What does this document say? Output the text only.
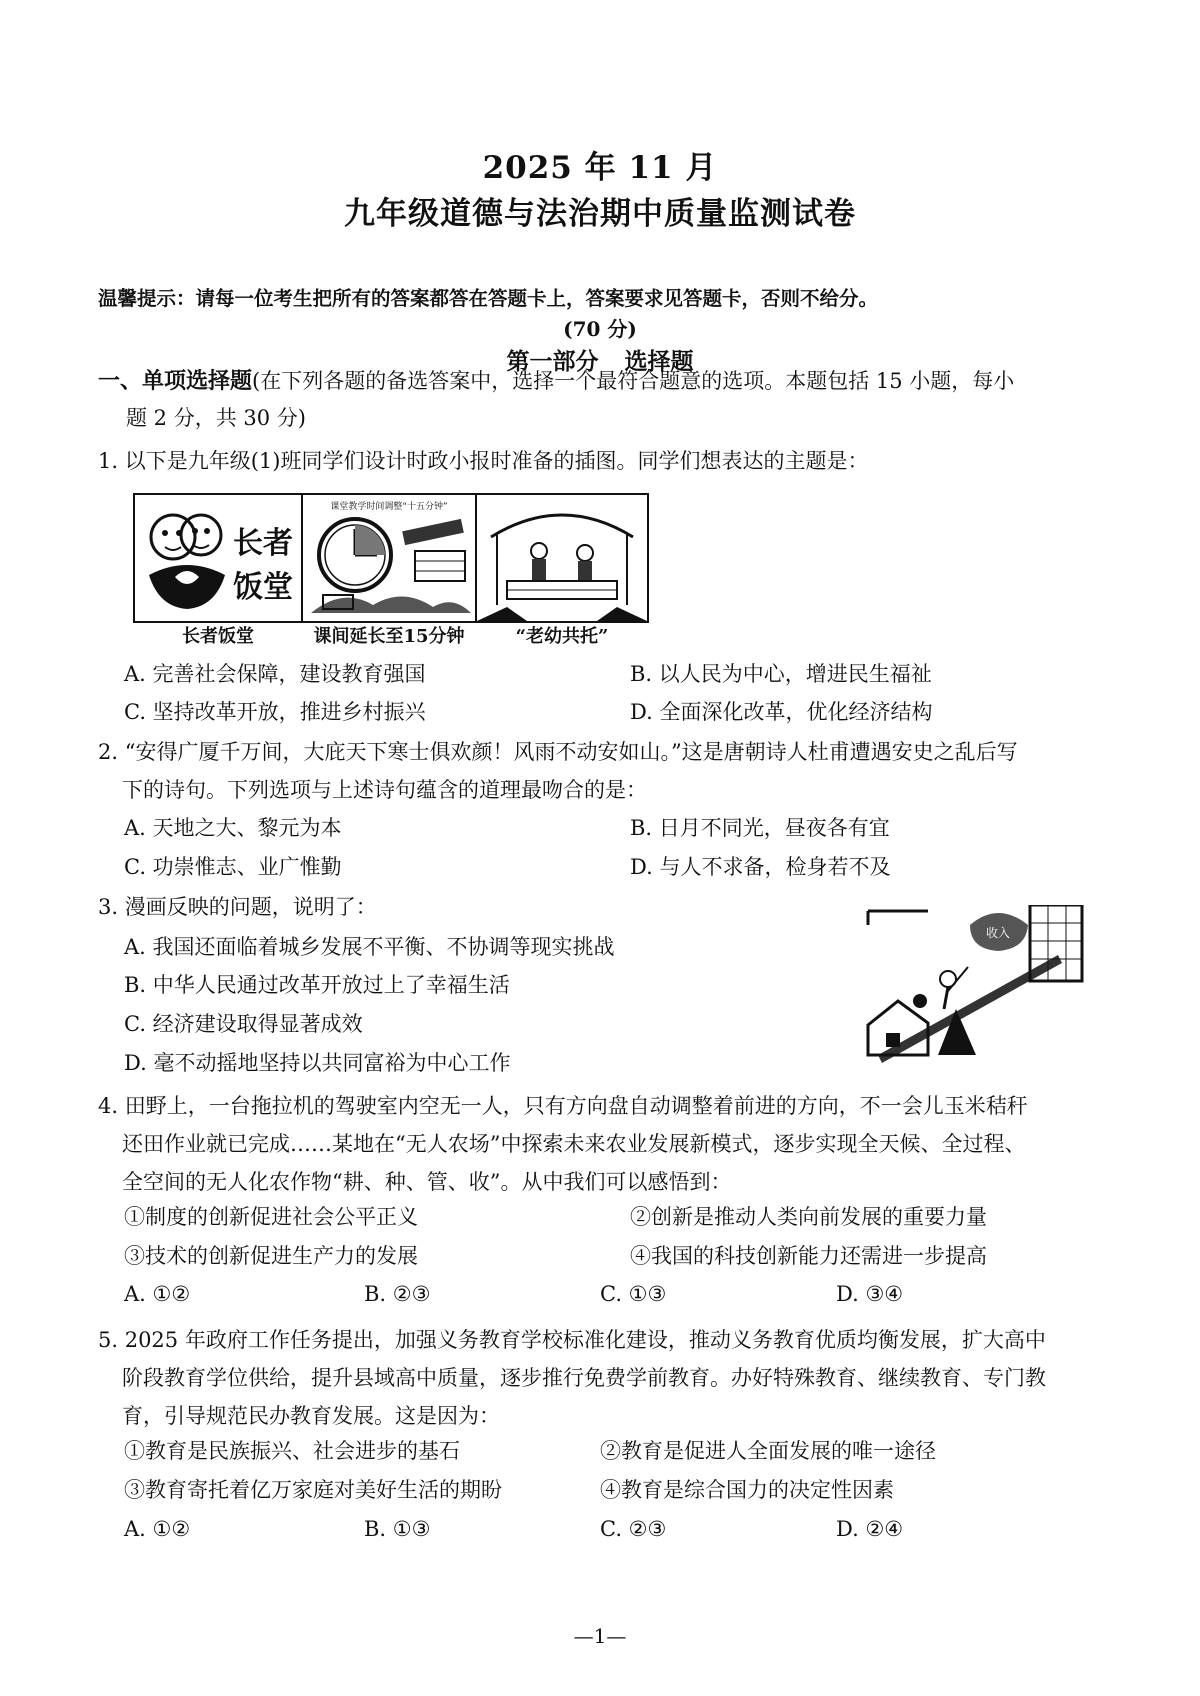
2025 年 11 月
九年级道德与法治期中质量监测试卷
温馨提示：请每一位考生把所有的答案都答在答题卡上，答案要求见答题卡，否则不给分。
(70 分)
第一部分 选择题
一、单项选择题(在下列各题的备选答案中，选择一个最符合题意的选项。本题包括 15 小题，每小
题 2 分，共 30 分)
1. 以下是九年级(1)班同学们设计时政小报时准备的插图。同学们想表达的主题是：
长者
饭堂
课堂教学时间调整“十五分钟”
长者饭堂	课间延长至15分钟	“老幼共托”
A. 完善社会保障，建设教育强国	B. 以人民为中心，增进民生福祉
C. 坚持改革开放，推进乡村振兴	D. 全面深化改革，优化经济结构
2. “安得广厦千万间，大庇天下寒士俱欢颜！风雨不动安如山。”这是唐朝诗人杜甫遭遇安史之乱后写
下的诗句。下列选项与上述诗句蕴含的道理最吻合的是：
A. 天地之大、黎元为本	B. 日月不同光，昼夜各有宜
C. 功崇惟志、业广惟勤	D. 与人不求备，检身若不及
3. 漫画反映的问题，说明了：
A. 我国还面临着城乡发展不平衡、不协调等现实挑战
B. 中华人民通过改革开放过上了幸福生活
C. 经济建设取得显著成效
D. 毫不动摇地坚持以共同富裕为中心工作
收入
4. 田野上，一台拖拉机的驾驶室内空无一人，只有方向盘自动调整着前进的方向，不一会儿玉米秸秆
还田作业就已完成……某地在“无人农场”中探索未来农业发展新模式，逐步实现全天候、全过程、
全空间的无人化农作物“耕、种、管、收”。从中我们可以感悟到：
①制度的创新促进社会公平正义	②创新是推动人类向前发展的重要力量
③技术的创新促进生产力的发展	④我国的科技创新能力还需进一步提高
A. ①②	B. ②③	C. ①③	D. ③④
5. 2025 年政府工作任务提出，加强义务教育学校标准化建设，推动义务教育优质均衡发展，扩大高中
阶段教育学位供给，提升县域高中质量，逐步推行免费学前教育。办好特殊教育、继续教育、专门教
育，引导规范民办教育发展。这是因为：
①教育是民族振兴、社会进步的基石	②教育是促进人全面发展的唯一途径
③教育寄托着亿万家庭对美好生活的期盼	④教育是综合国力的决定性因素
A. ①②	B. ①③	C. ②③	D. ②④
—1—
